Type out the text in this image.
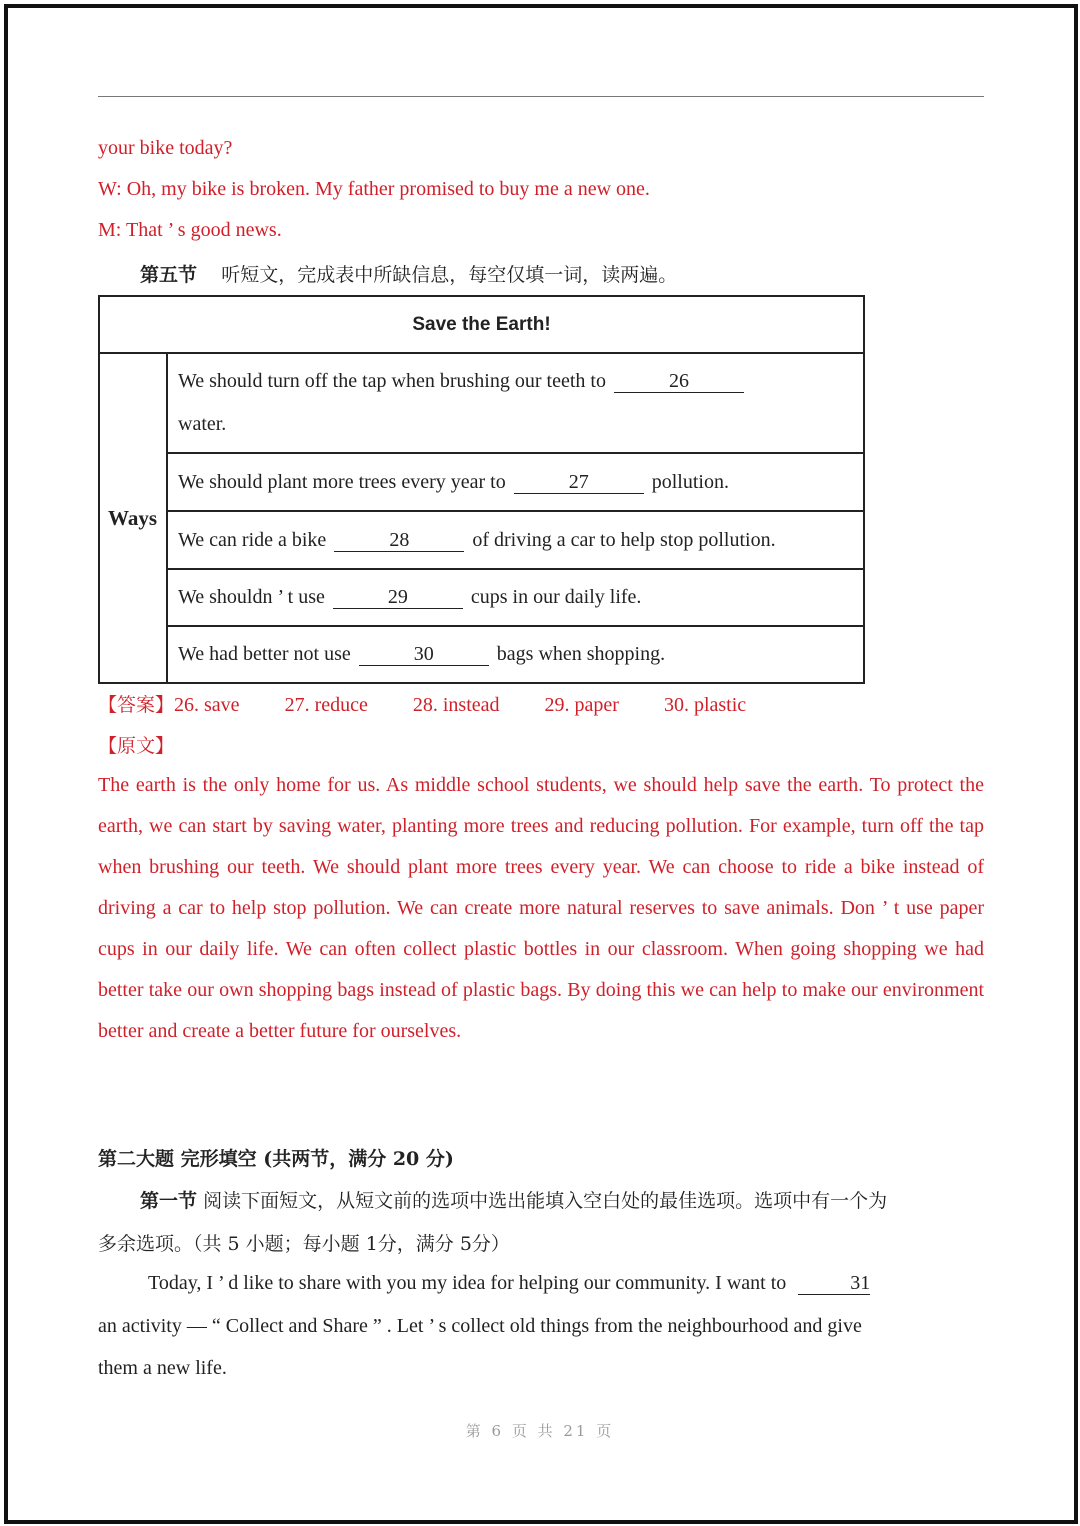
your bike today?
W: Oh, my bike is broken. My father promised to buy me a new one.
M: That ’ s good news.
第五节 听短文，完成表中所缺信息，每空仅填一词，读两遍。
Save the Earth!
Ways	We should turn off the tap when brushing our teeth to	26
water.
We should plant more trees every year to	27	pollution.
We can ride a bike	28	of driving a car to help stop pollution.
We shouldn ’ t use	29	cups in our daily life.
We had better not use	30	bags when shopping.
【答案】26. save 27. reduce 28. instead 29. paper 30. plastic
【原文】
The earth is the only home for us. As middle school students, we should help save the earth. To protect the earth, we can start by saving water, planting more trees and reducing pollution. For example, turn off the tap when brushing our teeth. We should plant more trees every year. We can choose to ride a bike instead of driving a car to help stop pollution. We can create more natural reserves to save animals. Don ’ t use paper cups in our daily life. We can often collect plastic bottles in our classroom. When going shopping we had better take our own shopping bags instead of plastic bags. By doing this we can help to make our environment better and create a better future for ourselves.
第二大题 完形填空 (共两节，满分 20 分)
第一节 阅读下面短文，从短文前的选项中选出能填入空白处的最佳选项。选项中有一个为
多余选项。（共 5 小题；每小题 1分，满分 5分）
Today, I ’ d like to share with you my idea for helping our community. I want to	31
an activity — “ Collect and Share ” . Let ’ s collect old things from the neighbourhood and give
them a new life.
第 6 页 共 21 页
